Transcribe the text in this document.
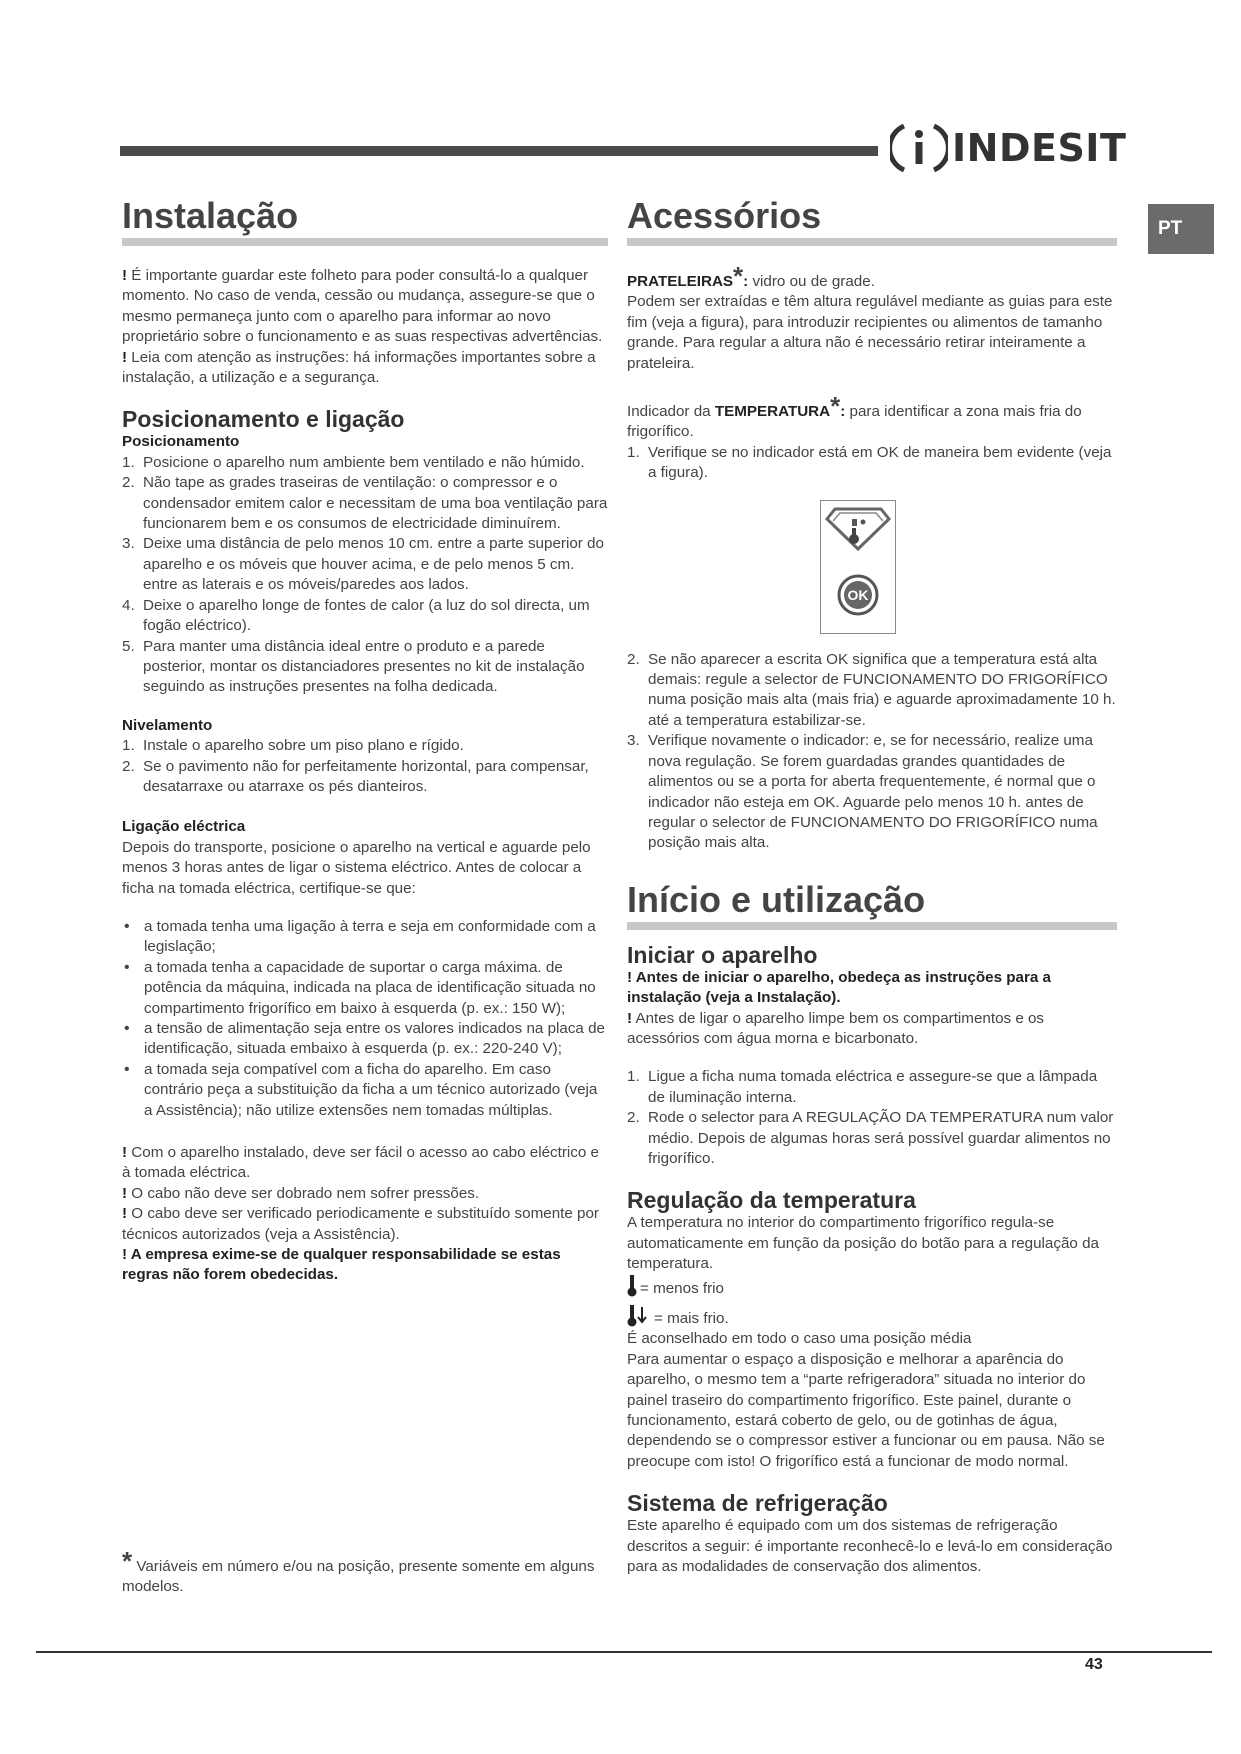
INDESIT
PT
Instalação

! É importante guardar este folheto para poder consultá-lo a qualquer momento. No caso de venda, cessão ou mudança, assegure-se que o mesmo permaneça junto com o aparelho para informar ao novo proprietário sobre o funcionamento e as suas respectivas advertências.

! Leia com atenção as instruções: há informações importantes sobre a instalação, a utilização e a segurança.

Posicionamento e ligação

Posicionamento

1. Posicione o aparelho num ambiente bem ventilado e não húmido.
2. Não tape as grades traseiras de ventilação: o compressor e o condensador emitem calor e necessitam de uma boa ventilação para funcionarem bem e os consumos de electricidade diminuírem.
3. Deixe uma distância de pelo menos 10 cm. entre a parte superior do aparelho e os móveis que houver acima, e de pelo menos 5 cm. entre as laterais e os móveis/paredes aos lados.
4. Deixe o aparelho longe de fontes de calor (a luz do sol directa, um fogão eléctrico).
5. Para manter uma distância ideal entre o produto e a parede posterior, montar os distanciadores presentes no kit de instalação seguindo as instruções presentes na folha dedicada.

Nivelamento

1. Instale o aparelho sobre um piso plano e rígido.
2. Se o pavimento não for perfeitamente horizontal, para compensar, desatarraxe ou atarraxe os pés dianteiros.

Ligação eléctrica

Depois do transporte, posicione o aparelho na vertical e aguarde pelo menos 3 horas antes de ligar o sistema eléctrico. Antes de colocar a ficha na tomada eléctrica, certifique-se que:

• a tomada tenha uma ligação à terra e seja em conformidade com a legislação;
• a tomada tenha a capacidade de suportar o carga máxima. de potência da máquina, indicada na placa de identificação situada no compartimento frigorífico em baixo à esquerda (p. ex.: 150 W);
• a tensão de alimentação seja entre os valores indicados na placa de identificação, situada embaixo à esquerda (p. ex.: 220-240 V);
• a tomada seja compatível com a ficha do aparelho. Em caso contrário peça a substituição da ficha a um técnico autorizado (veja a Assistência); não utilize extensões nem tomadas múltiplas.

! Com o aparelho instalado, deve ser fácil o acesso ao cabo eléctrico e à tomada eléctrica.

! O cabo não deve ser dobrado nem sofrer pressões.

! O cabo deve ser verificado periodicamente e substituído somente por técnicos autorizados (veja a Assistência).

! A empresa exime-se de qualquer responsabilidade se estas regras não forem obedecidas.

* Variáveis em número e/ou na posição, presente somente em alguns modelos.

Acessórios

PRATELEIRAS*: vidro ou de grade.

Podem ser extraídas e têm altura regulável mediante as guias para este fim (veja a figura), para introduzir recipientes ou alimentos de tamanho grande. Para regular a altura não é necessário retirar inteiramente a prateleira.

Indicador da TEMPERATURA*: para identificar a zona mais fria do frigorífico.

1. Verifique se no indicador está em OK de maneira bem evidente (veja a figura).
OK
2. Se não aparecer a escrita OK significa que a temperatura está alta demais: regule a selector de FUNCIONAMENTO DO FRIGORÍFICO numa posição mais alta (mais fria) e aguarde aproximadamente 10 h. até a temperatura estabilizar-se.
3. Verifique novamente o indicador: e, se for necessário, realize uma nova regulação. Se forem guardadas grandes quantidades de alimentos ou se a porta for aberta frequentemente, é normal que o indicador não esteja em OK. Aguarde pelo menos 10 h. antes de regular o selector de FUNCIONAMENTO DO FRIGORÍFICO numa posição mais alta.
Início e utilização
Iniciar o aparelho

! Antes de iniciar o aparelho, obedeça as instruções para a instalação (veja a Instalação).

! Antes de ligar o aparelho limpe bem os compartimentos e os acessórios com água morna e bicarbonato.

1. Ligue a ficha numa tomada eléctrica e assegure-se que a lâmpada de iluminação interna.
2. Rode o selector para A REGULAÇÃO DA TEMPERATURA num valor médio. Depois de algumas horas será possível guardar alimentos no frigorífico.
Regulação da temperatura

A temperatura no interior do compartimento frigorífico regula-se automaticamente em função da posição do botão para a regulação da temperatura.

= menos frio

= mais frio.

É aconselhado em todo o caso uma posição média

Para aumentar o espaço a disposição e melhorar a aparência do aparelho, o mesmo tem a “parte refrigeradora” situada no interior do painel traseiro do compartimento frigorífico. Este painel, durante o funcionamento, estará coberto de gelo, ou de gotinhas de água, dependendo se o compressor estiver a funcionar ou em pausa. Não se preocupe com isto! O frigorífico está a funcionar de modo normal.

Sistema de refrigeração

Este aparelho é equipado com um dos sistemas de refrigeração descritos a seguir: é importante reconhecê-lo e levá-lo em consideração para as modalidades de conservação dos alimentos.

43
